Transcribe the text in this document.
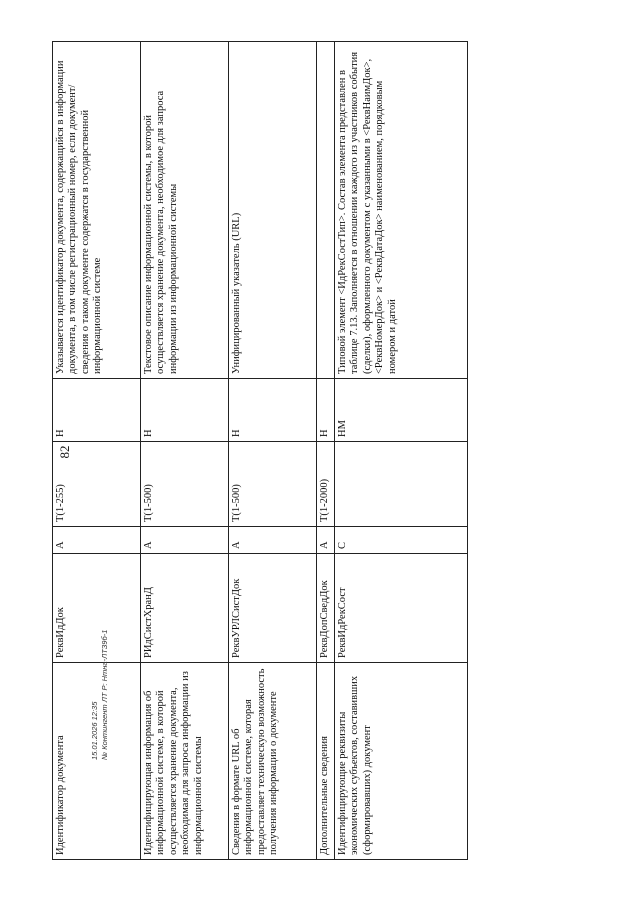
82
Идентификатор документа	РеквИдДок	А	Т(1-255)	Н	Указывается идентификатор документа, содержащийся в информации документа, в том числе регистрационный номер, если документ/сведения о таком документе содержатся в государственной информационной системе
Идентифицирующая информация об информационной системе, в которой осуществляется хранение документа, необходимая для запроса информации из информационной системы	РИдСистХранД	А	Т(1-500)	Н	Текстовое описание информационной системы, в которой осуществляется хранение документа, необходимое для запроса информации из информационной системы
Сведения в формате URL об информационной системе, которая предоставляет техническую возможность получения информации о документе	РеквУРЛСистДок	А	Т(1-500)	Н	Унифицированный указатель (URL)
Дополнительные сведения	РеквДопСведДок	А	Т(1-2000)	Н	
Идентифицирующие реквизиты экономических субъектов, составивших (сформировавших) документ	РеквИдРекСост	С		НМ	Типовой элемент <ИдРекСостТип>. Состав элемента представлен в таблице 7.13. Заполняется в отношении каждого из участников события (сделки), оформленного документом с указанными в <РеквНаимДок>, <РеквНомерДок> и <РеквДатаДок> наименованием, порядковым номером и датой
15.01.2026 12:35 № Контингент ЛТ Р: Нтна-ЛТЗ9б-1
